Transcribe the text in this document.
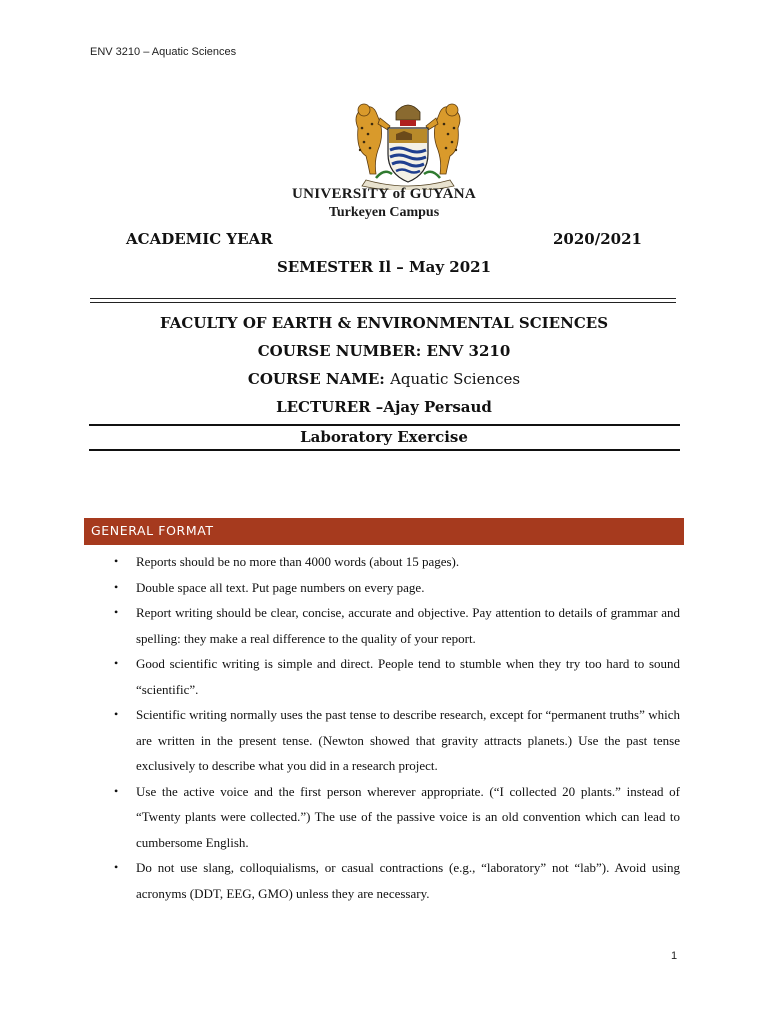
ENV 3210 – Aquatic Sciences
UNIVERSITY of GUYANA
Turkeyen Campus
ACADEMIC YEAR	2020/2021
SEMESTER Il – May 2021
FACULTY OF EARTH & ENVIRONMENTAL SCIENCES
COURSE NUMBER: ENV 3210
COURSE NAME: Aquatic Sciences
LECTURER –Ajay Persaud
Laboratory Exercise
GENERAL FORMAT
• Reports should be no more than 4000 words (about 15 pages).
• Double space all text. Put page numbers on every page.
• Report writing should be clear, concise, accurate and objective. Pay attention to details of grammar and spelling: they make a real difference to the quality of your report.
• Good scientific writing is simple and direct. People tend to stumble when they try too hard to sound “scientific”.
• Scientific writing normally uses the past tense to describe research, except for “permanent truths” which are written in the present tense. (Newton showed that gravity attracts planets.) Use the past tense exclusively to describe what you did in a research project.
• Use the active voice and the first person wherever appropriate. (“I collected 20 plants.” instead of “Twenty plants were collected.”) The use of the passive voice is an old convention which can lead to cumbersome English.
• Do not use slang, colloquialisms, or casual contractions (e.g., “laboratory” not “lab”). Avoid using acronyms (DDT, EEG, GMO) unless they are necessary.
1
